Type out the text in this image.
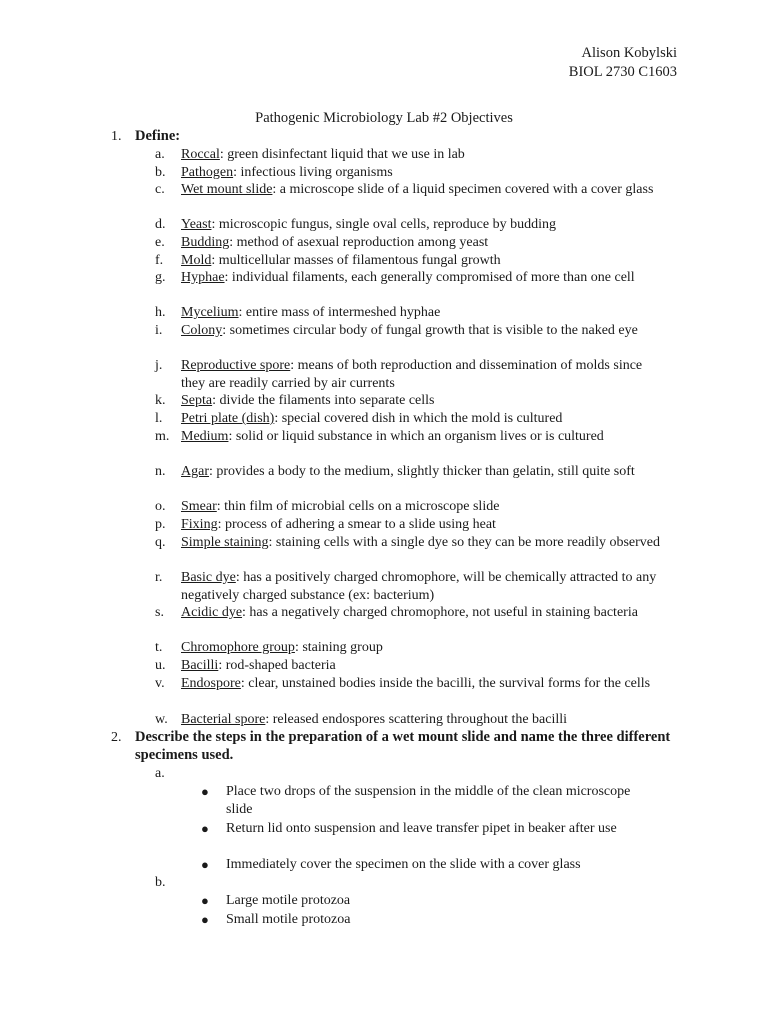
Alison Kobylski
BIOL 2730 C1603
Pathogenic Microbiology Lab #2 Objectives
1. Define:
a.	Roccal: green disinfectant liquid that we use in lab
b.	Pathogen: infectious living organisms
c.	Wet mount slide: a microscope slide of a liquid specimen covered with a cover glass
d.	Yeast: microscopic fungus, single oval cells, reproduce by budding
e.	Budding: method of asexual reproduction among yeast
f.	Mold: multicellular masses of filamentous fungal growth
g.	Hyphae: individual filaments, each generally compromised of more than one cell
h.	Mycelium: entire mass of intermeshed hyphae
i.	Colony: sometimes circular body of fungal growth that is visible to the naked eye
j.	Reproductive spore: means of both reproduction and dissemination of molds since they are readily carried by air currents
k.	Septa: divide the filaments into separate cells
l.	Petri plate (dish): special covered dish in which the mold is cultured
m. Medium: solid or liquid substance in which an organism lives or is cultured
n.	Agar: provides a body to the medium, slightly thicker than gelatin, still quite soft
o.	Smear: thin film of microbial cells on a microscope slide
p.	Fixing: process of adhering a smear to a slide using heat
q.	Simple staining: staining cells with a single dye so they can be more readily observed
r.	Basic dye: has a positively charged chromophore, will be chemically attracted to any negatively charged substance (ex: bacterium)
s.	Acidic dye: has a negatively charged chromophore, not useful in staining bacteria
t.	Chromophore group: staining group
u.	Bacilli: rod-shaped bacteria
v.	Endospore: clear, unstained bodies inside the bacilli, the survival forms for the cells
w. Bacterial spore: released endospores scattering throughout the bacilli
2. Describe the steps in the preparation of a wet mount slide and name the three different specimens used.
a.
● Place two drops of the suspension in the middle of the clean microscope slide
● Return lid onto suspension and leave transfer pipet in beaker after use
● Immediately cover the specimen on the slide with a cover glass
b.
● Large motile protozoa
● Small motile protozoa
